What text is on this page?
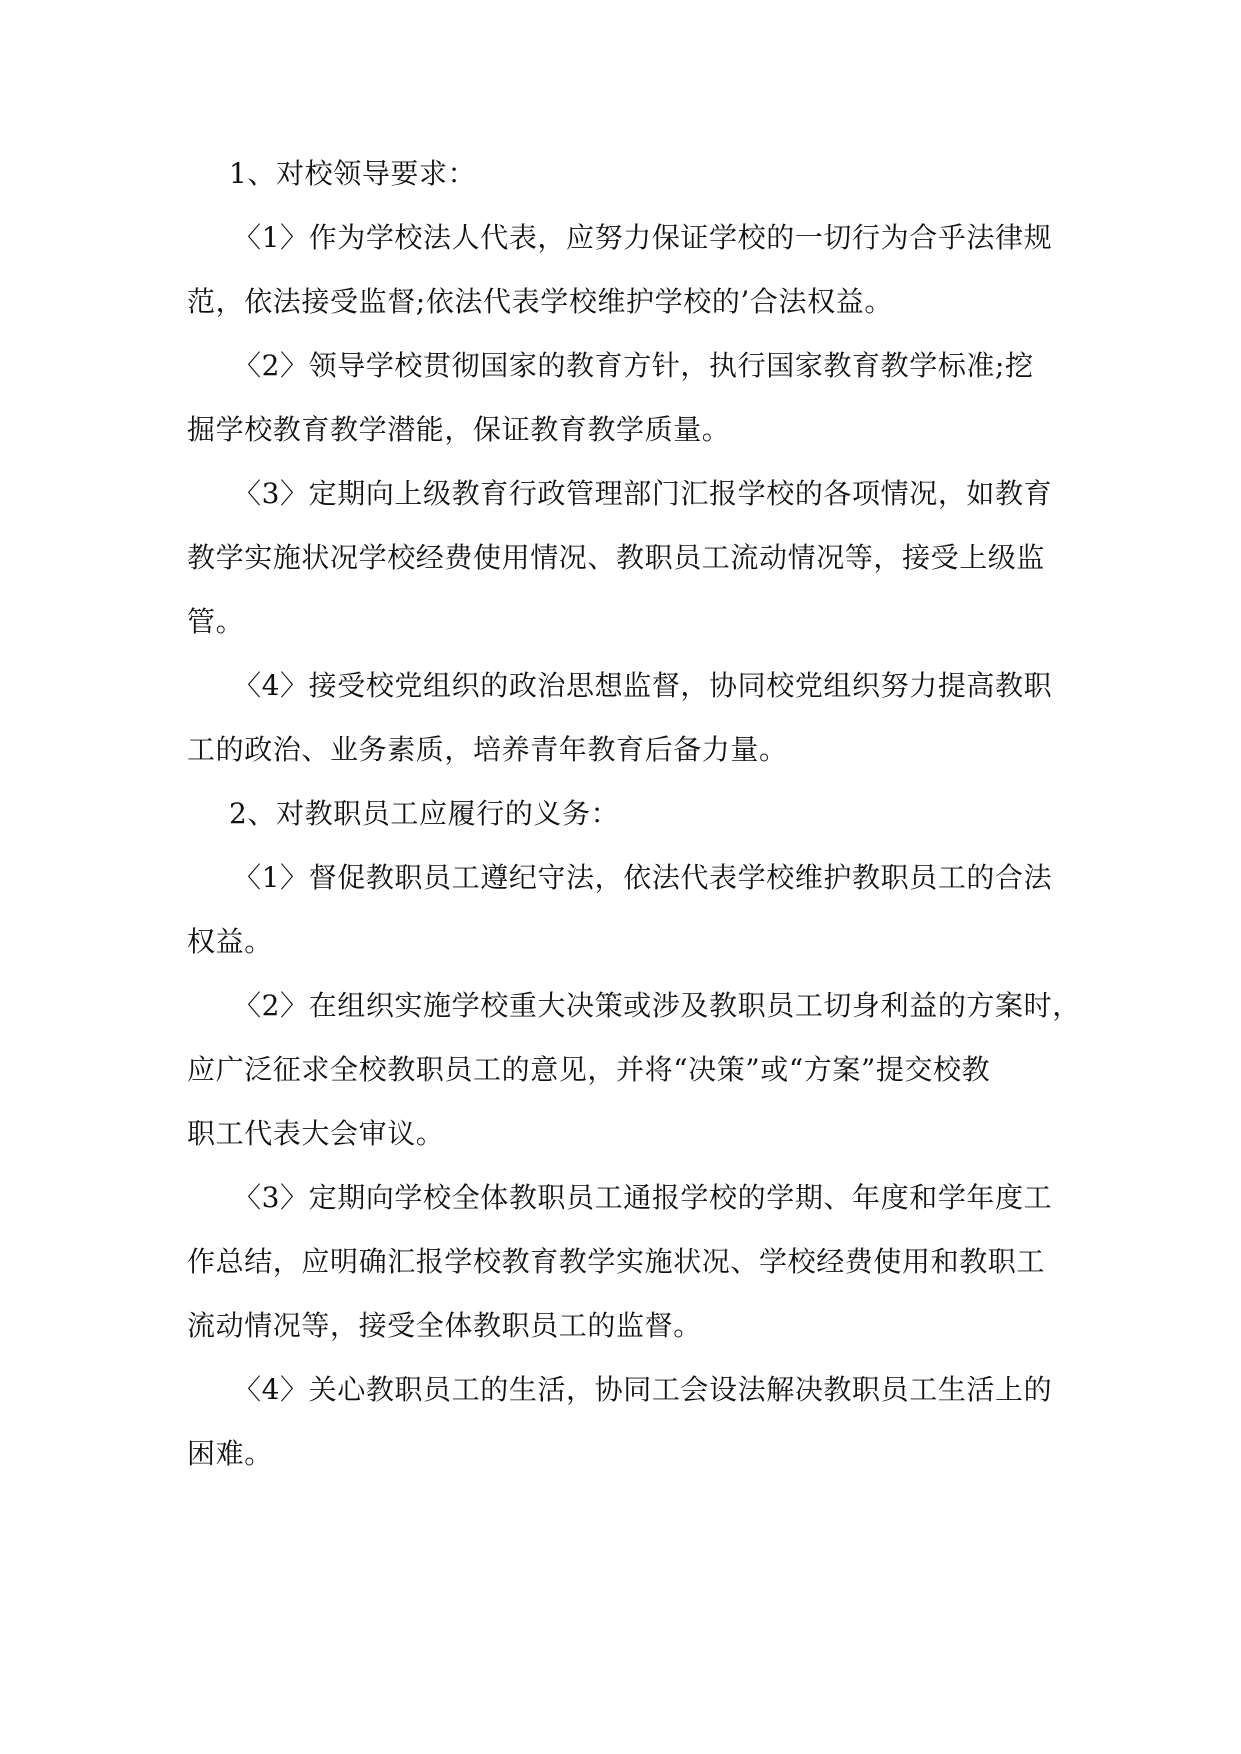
1、对校领导要求：
〈1〉作为学校法人代表，应努力保证学校的一切行为合乎法律规
范，依法接受监督;依法代表学校维护学校的’合法权益。
〈2〉领导学校贯彻国家的教育方针，执行国家教育教学标准;挖
掘学校教育教学潜能，保证教育教学质量。
〈3〉定期向上级教育行政管理部门汇报学校的各项情况，如教育
教学实施状况学校经费使用情况、教职员工流动情况等，接受上级监
管。
〈4〉接受校党组织的政治思想监督，协同校党组织努力提高教职
工的政治、业务素质，培养青年教育后备力量。
2、对教职员工应履行的义务：
〈1〉督促教职员工遵纪守法，依法代表学校维护教职员工的合法
权益。
〈2〉在组织实施学校重大决策或涉及教职员工切身利益的方案时，
应广泛征求全校教职员工的意见，并将“决策”或“方案”提交校教
职工代表大会审议。
〈3〉定期向学校全体教职员工通报学校的学期、年度和学年度工
作总结，应明确汇报学校教育教学实施状况、学校经费使用和教职工
流动情况等，接受全体教职员工的监督。
〈4〉关心教职员工的生活，协同工会设法解决教职员工生活上的
困难。
